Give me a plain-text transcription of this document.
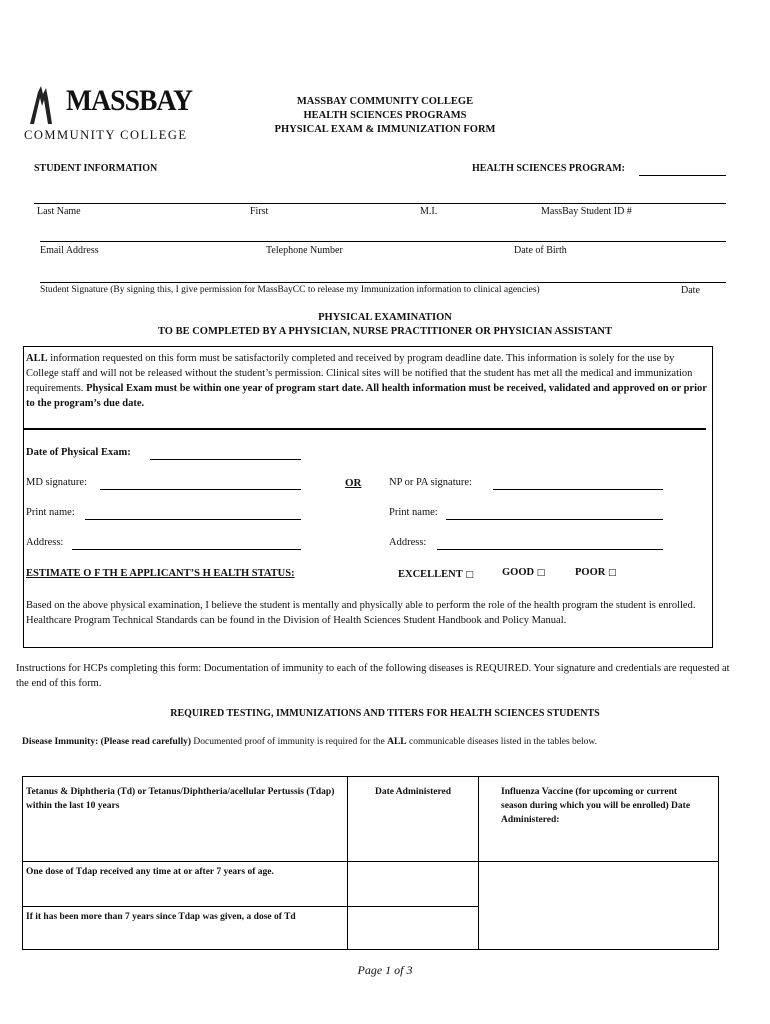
MASSBAY
COMMUNITY COLLEGE
MASSBAY COMMUNITY COLLEGE
HEALTH SCIENCES PROGRAMS
PHYSICAL EXAM & IMMUNIZATION FORM
STUDENT INFORMATION	HEALTH SCIENCES PROGRAM:
Last Name	First	M.I.	MassBay Student ID #
Email Address	Telephone Number	Date of Birth
Student Signature (By signing this, I give permission for MassBayCC to release my Immunization information to clinical agencies)	Date
PHYSICAL EXAMINATION
TO BE COMPLETED BY A PHYSICIAN, NURSE PRACTITIONER OR PHYSICIAN ASSISTANT
ALL information requested on this form must be satisfactorily completed and received by program deadline date. This information is solely for the use by College staff and will not be released without the student’s permission. Clinical sites will be notified that the student has met all the medical and immunization requirements. Physical Exam must be within one year of program start date. All health information must be received, validated and approved on or prior to the program’s due date.
Date of Physical Exam:
MD signature:	OR	NP or PA signature:
Print name:	Print name:
Address:	Address:
ESTIMATE O F TH E APPLICANT’S H EALTH STATUS:	EXCELLENT □	GOOD □	POOR □
Based on the above physical examination, I believe the student is mentally and physically able to perform the role of the health program the student is enrolled. Healthcare Program Technical Standards can be found in the Division of Health Sciences Student Handbook and Policy Manual.
Instructions for HCPs completing this form: Documentation of immunity to each of the following diseases is REQUIRED. Your signature and credentials are requested at the end of this form.
REQUIRED TESTING, IMMUNIZATIONS AND TITERS FOR HEALTH SCIENCES STUDENTS
Disease Immunity: (Please read carefully) Documented proof of immunity is required for the ALL communicable diseases listed in the tables below.
Tetanus & Diphtheria (Td) or Tetanus/Diphtheria/acellular Pertussis (Tdap) within the last 10 years	Date Administered	Influenza Vaccine (for upcoming or current season during which you will be enrolled) Date Administered:
One dose of Tdap received any time at or after 7 years of age.		
If it has been more than 7 years since Tdap was given, a dose of Td		
Page 1 of 3
